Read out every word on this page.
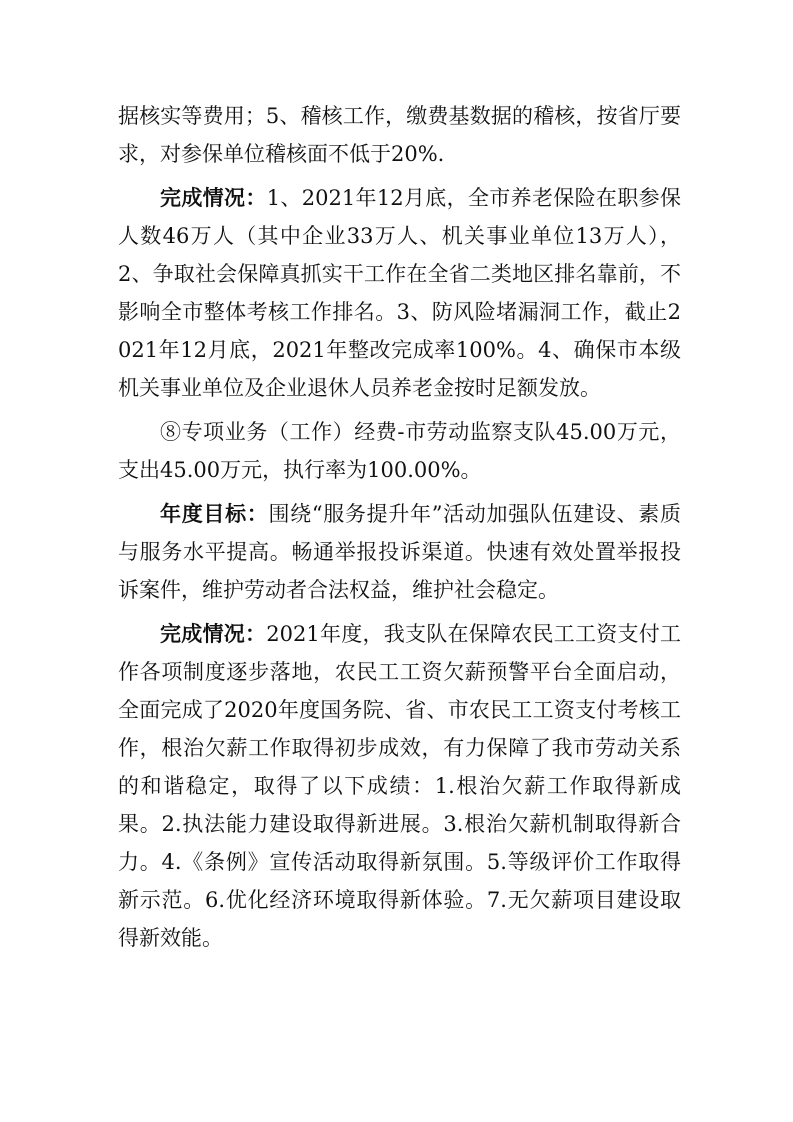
据核实等费用；5、稽核工作，缴费基数据的稽核，按省厅要求，对参保单位稽核面不低于20%.

完成情况：1、2021年12月底，全市养老保险在职参保人数46万人（其中企业33万人、机关事业单位13万人），2、争取社会保障真抓实干工作在全省二类地区排名靠前，不影响全市整体考核工作排名。3、防风险堵漏洞工作，截止2021年12月底，2021年整改完成率100%。4、确保市本级机关事业单位及企业退休人员养老金按时足额发放。

⑧专项业务（工作）经费-市劳动监察支队45.00万元，支出45.00万元，执行率为100.00%。

年度目标：围绕“服务提升年”活动加强队伍建设、素质与服务水平提高。畅通举报投诉渠道。快速有效处置举报投诉案件，维护劳动者合法权益，维护社会稳定。

完成情况：2021年度，我支队在保障农民工工资支付工作各项制度逐步落地，农民工工资欠薪预警平台全面启动，全面完成了2020年度国务院、省、市农民工工资支付考核工作，根治欠薪工作取得初步成效，有力保障了我市劳动关系的和谐稳定，取得了以下成绩：1.根治欠薪工作取得新成果。2.执法能力建设取得新进展。3.根治欠薪机制取得新合力。4.《条例》宣传活动取得新氛围。5.等级评价工作取得新示范。6.优化经济环境取得新体验。7.无欠薪项目建设取得新效能。
